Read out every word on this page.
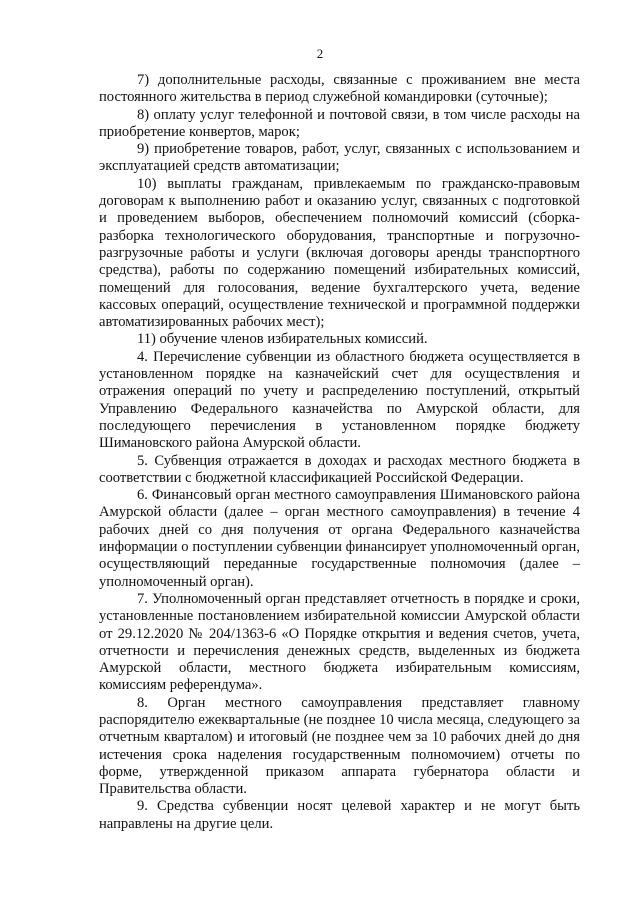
2

7) дополнительные расходы, связанные с проживанием вне места постоянного жительства в период служебной командировки (суточные);

8) оплату услуг телефонной и почтовой связи, в том числе расходы на приобретение конвертов, марок;

9) приобретение товаров, работ, услуг, связанных с использованием и эксплуатацией средств автоматизации;

10) выплаты гражданам, привлекаемым по гражданско-правовым договорам к выполнению работ и оказанию услуг, связанных с подготовкой и проведением выборов, обеспечением полномочий комиссий (сборка-разборка технологического оборудования, транспортные и погрузочно-разгрузочные работы и услуги (включая договоры аренды транспортного средства), работы по содержанию помещений избирательных комиссий, помещений для голосования, ведение бухгалтерского учета, ведение кассовых операций, осуществление технической и программной поддержки автоматизированных рабочих мест);

11) обучение членов избирательных комиссий.

4. Перечисление субвенции из областного бюджета осуществляется в установленном порядке на казначейский счет для осуществления и отражения операций по учету и распределению поступлений, открытый Управлению Федерального казначейства по Амурской области, для последующего перечисления в установленном порядке бюджету Шимановского района Амурской области.

5. Субвенция отражается в доходах и расходах местного бюджета в соответствии с бюджетной классификацией Российской Федерации.

6. Финансовый орган местного самоуправления Шимановского района Амурской области (далее – орган местного самоуправления) в течение 4 рабочих дней со дня получения от органа Федерального казначейства информации о поступлении субвенции финансирует уполномоченный орган, осуществляющий переданные государственные полномочия (далее – уполномоченный орган).

7. Уполномоченный орган представляет отчетность в порядке и сроки, установленные постановлением избирательной комиссии Амурской области от 29.12.2020 № 204/1363-6 «О Порядке открытия и ведения счетов, учета, отчетности и перечисления денежных средств, выделенных из бюджета Амурской области, местного бюджета избирательным комиссиям, комиссиям референдума».

8. Орган местного самоуправления представляет главному распорядителю ежеквартальные (не позднее 10 числа месяца, следующего за отчетным кварталом) и итоговый (не позднее чем за 10 рабочих дней до дня истечения срока наделения государственным полномочием) отчеты по форме, утвержденной приказом аппарата губернатора области и Правительства области.

9. Средства субвенции носят целевой характер и не могут быть направлены на другие цели.
